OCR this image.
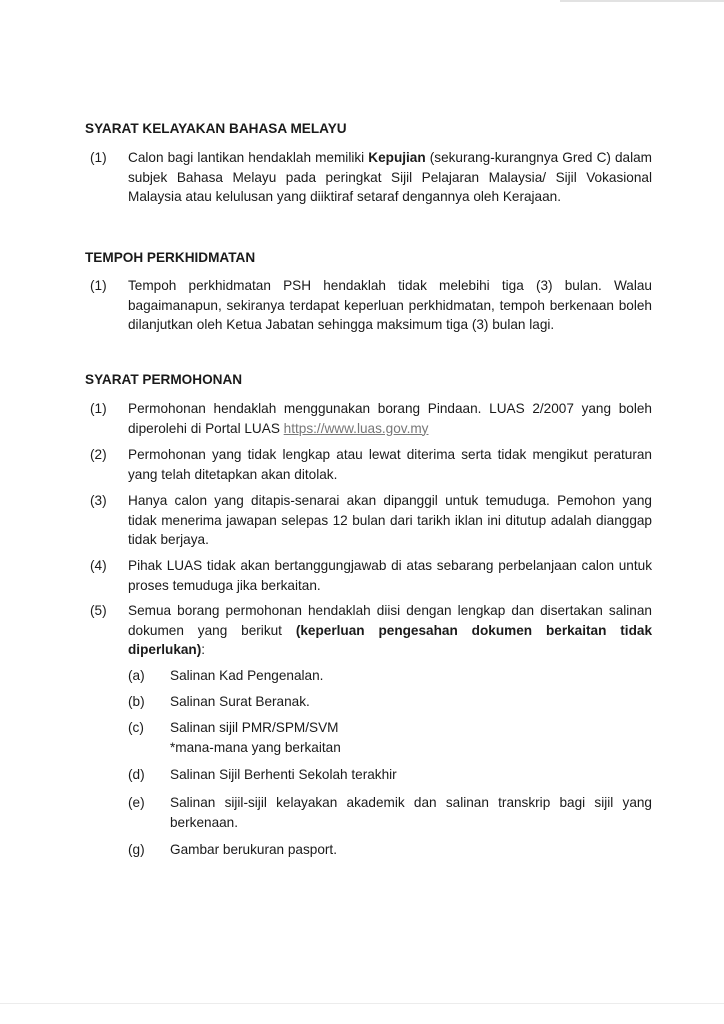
SYARAT KELAYAKAN BAHASA MELAYU
(1) Calon bagi lantikan hendaklah memiliki Kepujian (sekurang-kurangnya Gred C) dalam subjek Bahasa Melayu pada peringkat Sijil Pelajaran Malaysia/ Sijil Vokasional Malaysia atau kelulusan yang diiktiraf setaraf dengannya oleh Kerajaan.
TEMPOH PERKHIDMATAN
(1) Tempoh perkhidmatan PSH hendaklah tidak melebihi tiga (3) bulan. Walau bagaimanapun, sekiranya terdapat keperluan perkhidmatan, tempoh berkenaan boleh dilanjutkan oleh Ketua Jabatan sehingga maksimum tiga (3) bulan lagi.
SYARAT PERMOHONAN
(1) Permohonan hendaklah menggunakan borang Pindaan. LUAS 2/2007 yang boleh diperolehi di Portal LUAS https://www.luas.gov.my
(2) Permohonan yang tidak lengkap atau lewat diterima serta tidak mengikut peraturan yang telah ditetapkan akan ditolak.
(3) Hanya calon yang ditapis-senarai akan dipanggil untuk temuduga. Pemohon yang tidak menerima jawapan selepas 12 bulan dari tarikh iklan ini ditutup adalah dianggap tidak berjaya.
(4) Pihak LUAS tidak akan bertanggungjawab di atas sebarang perbelanjaan calon untuk proses temuduga jika berkaitan.
(5) Semua borang permohonan hendaklah diisi dengan lengkap dan disertakan salinan dokumen yang berikut (keperluan pengesahan dokumen berkaitan tidak diperlukan):
(a) Salinan Kad Pengenalan.
(b) Salinan Surat Beranak.
(c) Salinan sijil PMR/SPM/SVM
*mana-mana yang berkaitan
(d) Salinan Sijil Berhenti Sekolah terakhir
(e) Salinan sijil-sijil kelayakan akademik dan salinan transkrip bagi sijil yang berkenaan.
(g) Gambar berukuran pasport.
